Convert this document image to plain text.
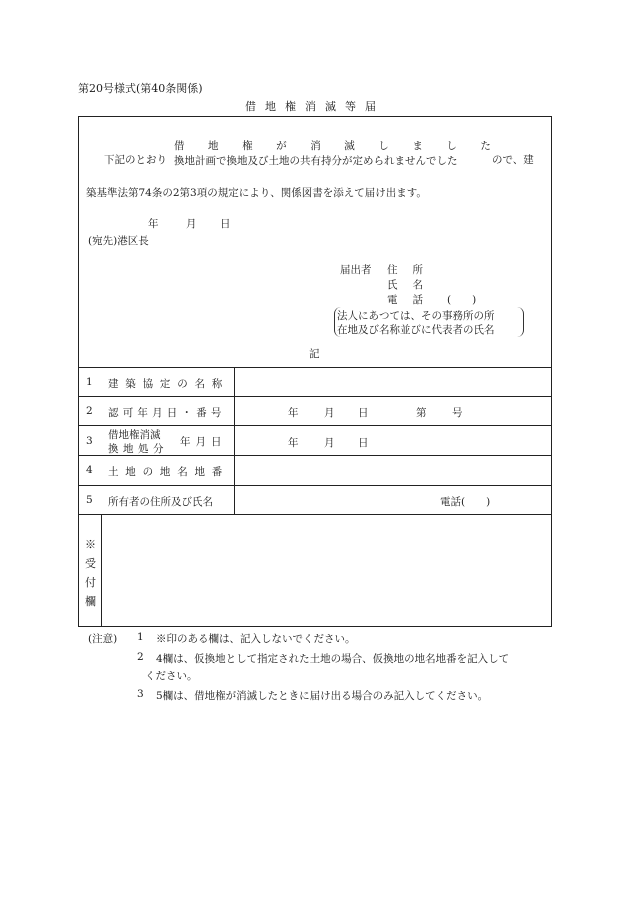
第20号様式(第40条関係)
借地権消滅等届
下記のとおり
借 地 権 が 消 滅 し ま し た
換地計画で換地及び土地の共有持分が定められませんでした	ので、建
築基準法第74条の2第3項の規定により、関係図書を添えて届け出ます。
年	月 日
(宛先)港区長
届出者 住 所
氏 名
電 話 (　　)
法人にあつては、その事務所の所
在地及び名称並びに代表者の氏名
記
1 建築協定の名称
2 認可年月日・番号	年 月 日	第 号
3 借地権消滅
換地処分
年月日	年 月 日
4 土地の地名地番
5 所有者の住所及び氏名	電話(　　)
※受付欄
(注意) 1 ※印のある欄は、記入しないでください。
2 4欄は、仮換地として指定された土地の場合、仮換地の地名地番を記入して
ください。
3 5欄は、借地権が消滅したときに届け出る場合のみ記入してください。
